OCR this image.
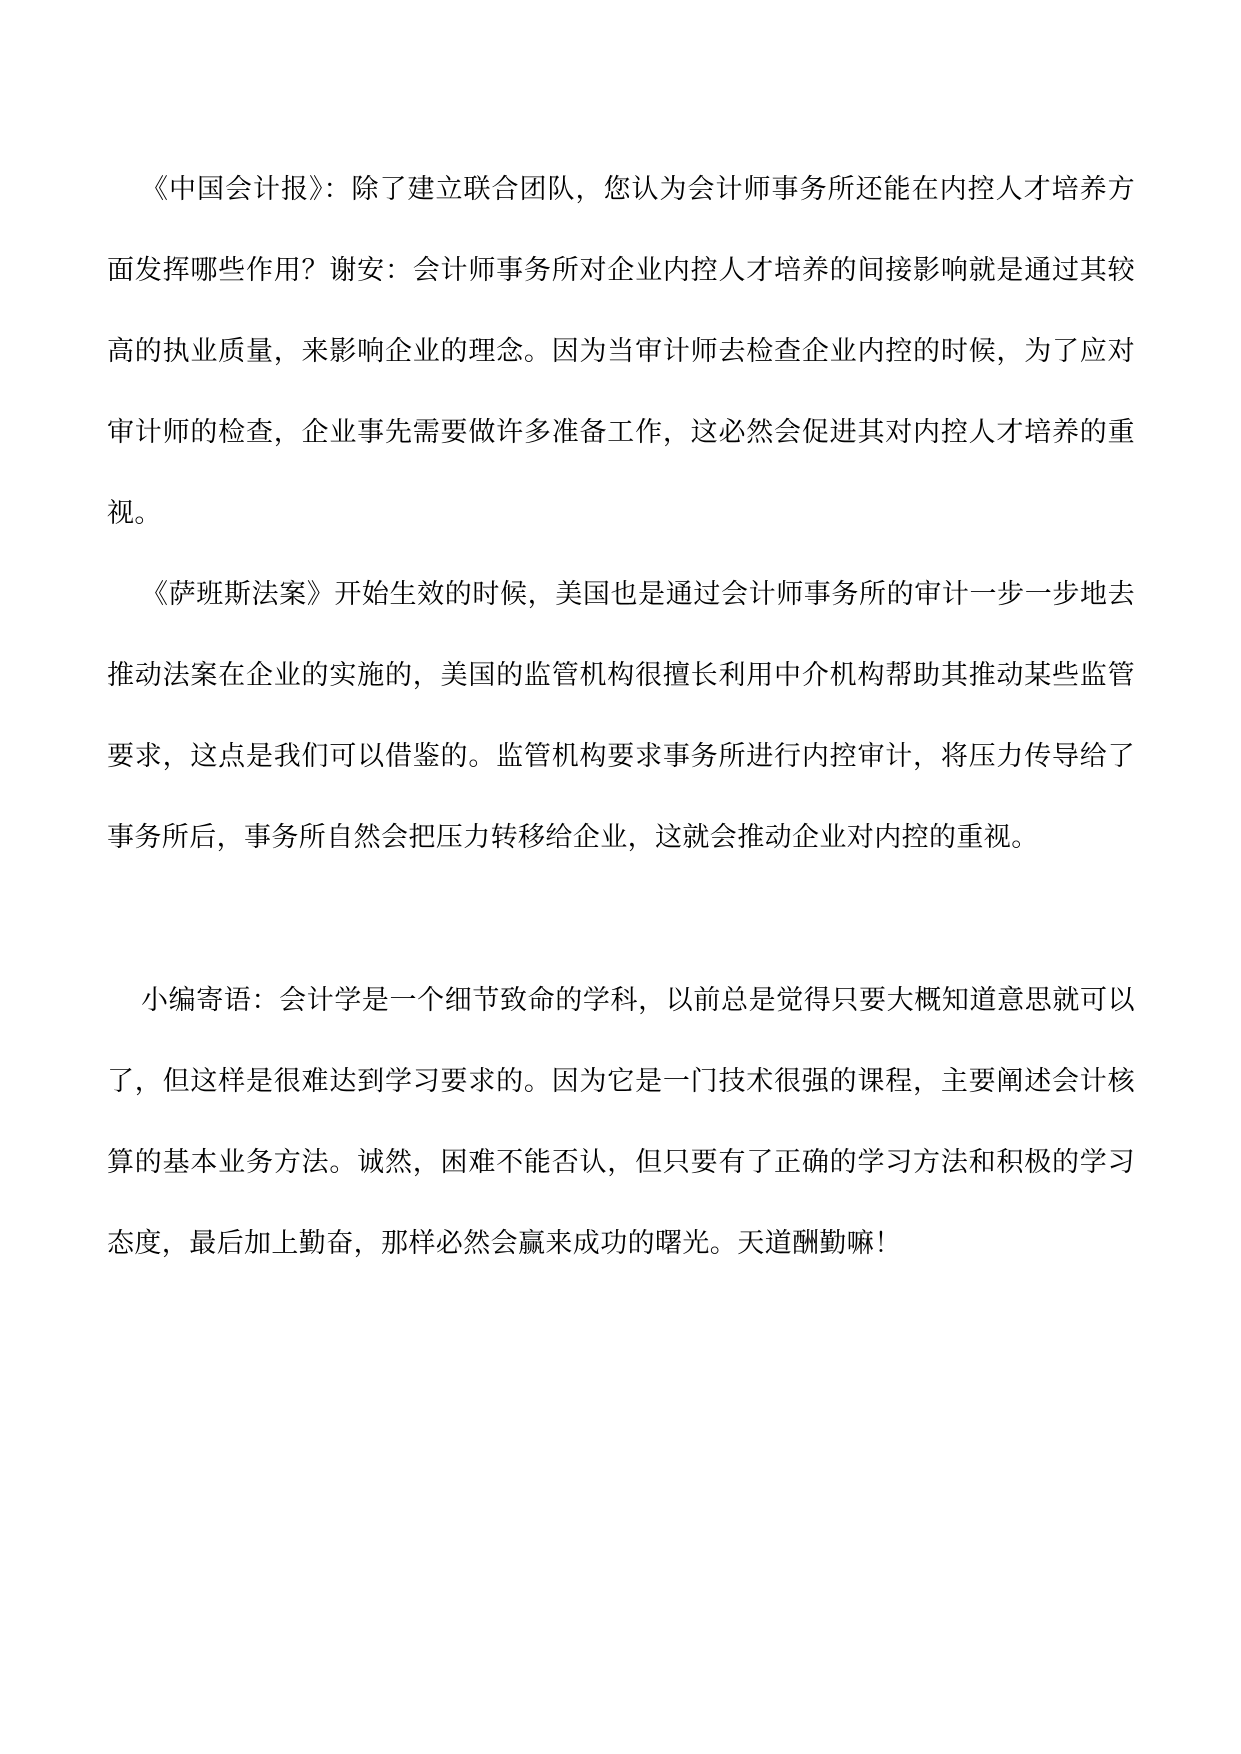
《中国会计报》：除了建立联合团队，您认为会计师事务所还能在内控人才培养方面发挥哪些作用？谢安：会计师事务所对企业内控人才培养的间接影响就是通过其较高的执业质量，来影响企业的理念。因为当审计师去检查企业内控的时候，为了应对审计师的检查，企业事先需要做许多准备工作，这必然会促进其对内控人才培养的重视。

《萨班斯法案》开始生效的时候，美国也是通过会计师事务所的审计一步一步地去推动法案在企业的实施的，美国的监管机构很擅长利用中介机构帮助其推动某些监管要求，这点是我们可以借鉴的。监管机构要求事务所进行内控审计，将压力传导给了事务所后，事务所自然会把压力转移给企业，这就会推动企业对内控的重视。

小编寄语：会计学是一个细节致命的学科，以前总是觉得只要大概知道意思就可以了，但这样是很难达到学习要求的。因为它是一门技术很强的课程，主要阐述会计核算的基本业务方法。诚然，困难不能否认，但只要有了正确的学习方法和积极的学习态度，最后加上勤奋，那样必然会赢来成功的曙光。天道酬勤嘛！
